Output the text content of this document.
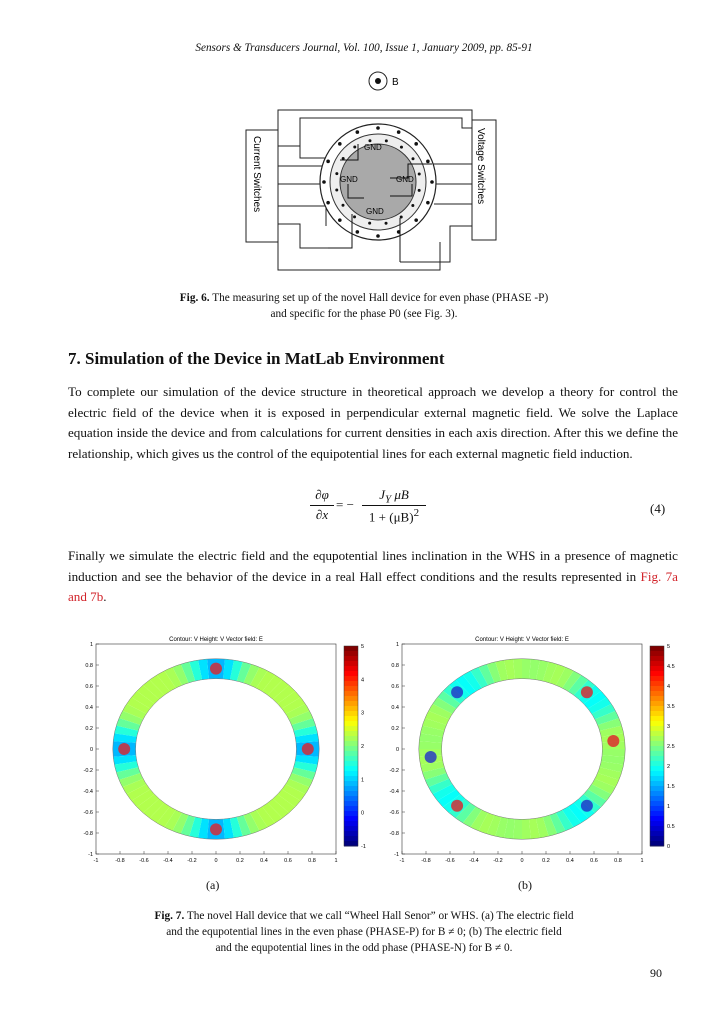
Sensors & Transducers Journal, Vol. 100, Issue 1, January 2009, pp. 85-91
B
Current Switches	Voltage Switches
GND
GND	GND
GND
Fig. 6. The measuring set up of the novel Hall device for even phase (PHASE -P)
and specific for the phase P0 (see Fig. 3).
7. Simulation of the Device in MatLab Environment
To complete our simulation of the device structure in theoretical approach we develop a theory for control the electric field of the device when it is exposed in perpendicular external magnetic field. We solve the Laplace equation inside the device and from calculations for current densities in each axis direction. After this we define the relationship, which gives us the control of the equipotential lines for each external magnetic field induction.
∂φ
∂x
= −
$J_Y$ μB
$1 + (\mu B)^2$	(4)
Finally we simulate the electric field and the equpotential lines inclination in the WHS in a presence of magnetic induction and see the behavior of the device in a real Hall effect conditions and the results represented in Fig. 7a and 7b.
Contour: V Height: V Vector field: E
-1	-0.8	-0.6	-0.4	-0.2	0	0.2	0.4	0.6	0.8	1
1
0.8
0.6
0.4
0.2
0
-0.2
-0.4
-0.6
-0.8
-1
5
4
3
2
1
0
-1
Contour: V Height: V Vector field: E
-1	-0.8	-0.6	-0.4	-0.2	0	0.2	0.4	0.6	0.8	1
1
0.8
0.6
0.4
0.2
0
-0.2
-0.4
-0.6
-0.8
-1
5
4.5
4
3.5
3
2.5
2
1.5
1
0.5
0
(a)	(b)
Fig. 7. The novel Hall device that we call “Wheel Hall Senor” or WHS. (a) The electric field
and the equpotential lines in the even phase (PHASE-P) for B ≠ 0; (b) The electric field
and the equpotential lines in the odd phase (PHASE-N) for B ≠ 0.
90
